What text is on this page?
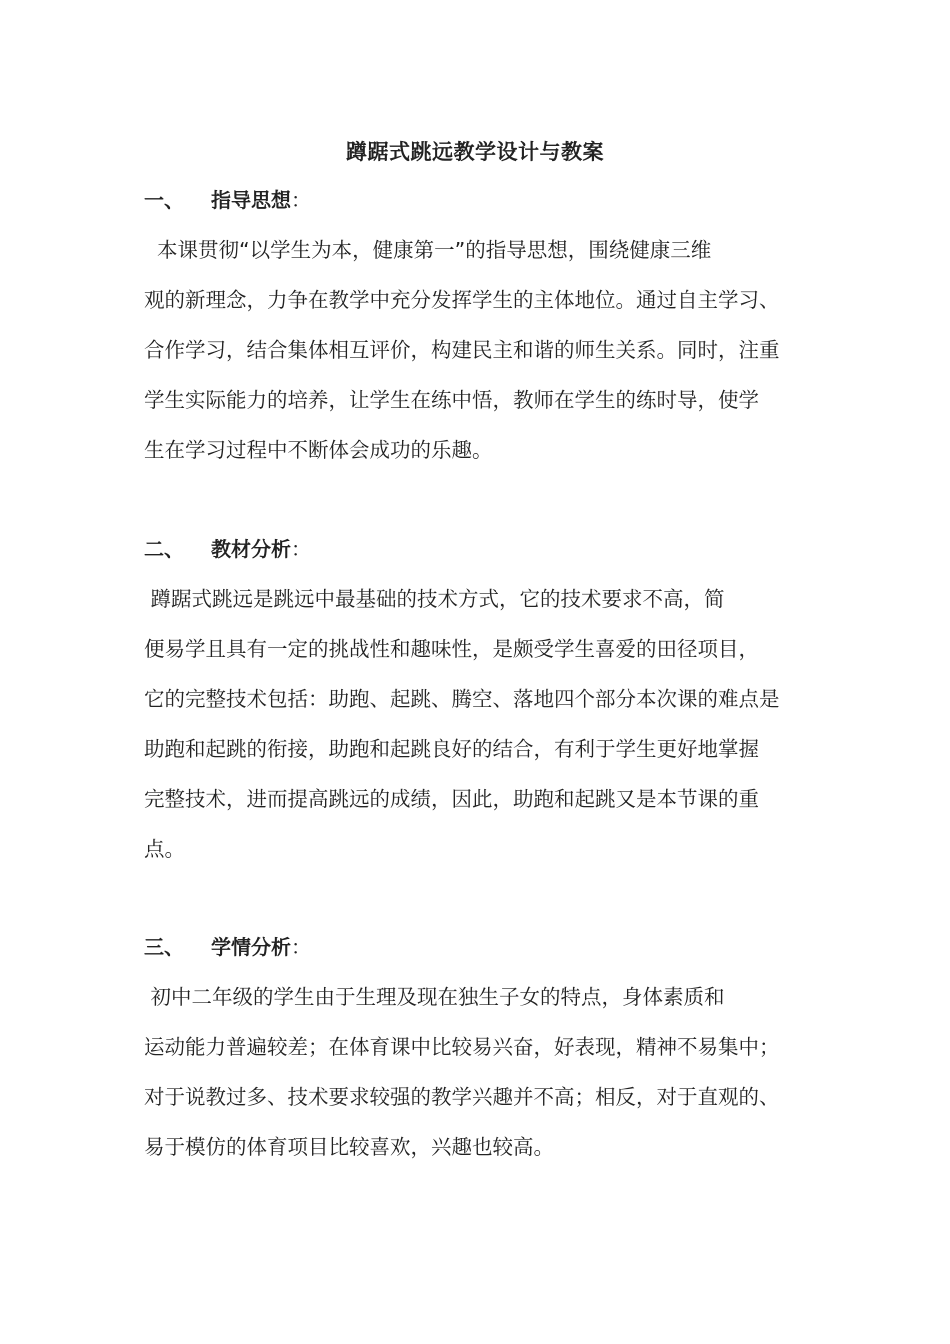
蹲踞式跳远教学设计与教案
一、 指导思想：

本课贯彻“以学生为本，健康第一”的指导思想，围绕健康三维

观的新理念，力争在教学中充分发挥学生的主体地位。通过自主学习、

合作学习，结合集体相互评价，构建民主和谐的师生关系。同时，注重

学生实际能力的培养，让学生在练中悟，教师在学生的练时导，使学

生在学习过程中不断体会成功的乐趣。

二、 教材分析：

蹲踞式跳远是跳远中最基础的技术方式，它的技术要求不高，简

便易学且具有一定的挑战性和趣味性，是颇受学生喜爱的田径项目，

它的完整技术包括：助跑、起跳、腾空、落地四个部分本次课的难点是

助跑和起跳的衔接，助跑和起跳良好的结合，有利于学生更好地掌握

完整技术，进而提高跳远的成绩，因此，助跑和起跳又是本节课的重

点。

三、 学情分析：

初中二年级的学生由于生理及现在独生子女的特点，身体素质和

运动能力普遍较差；在体育课中比较易兴奋，好表现，精神不易集中；

对于说教过多、技术要求较强的教学兴趣并不高；相反，对于直观的、

易于模仿的体育项目比较喜欢，兴趣也较高。
